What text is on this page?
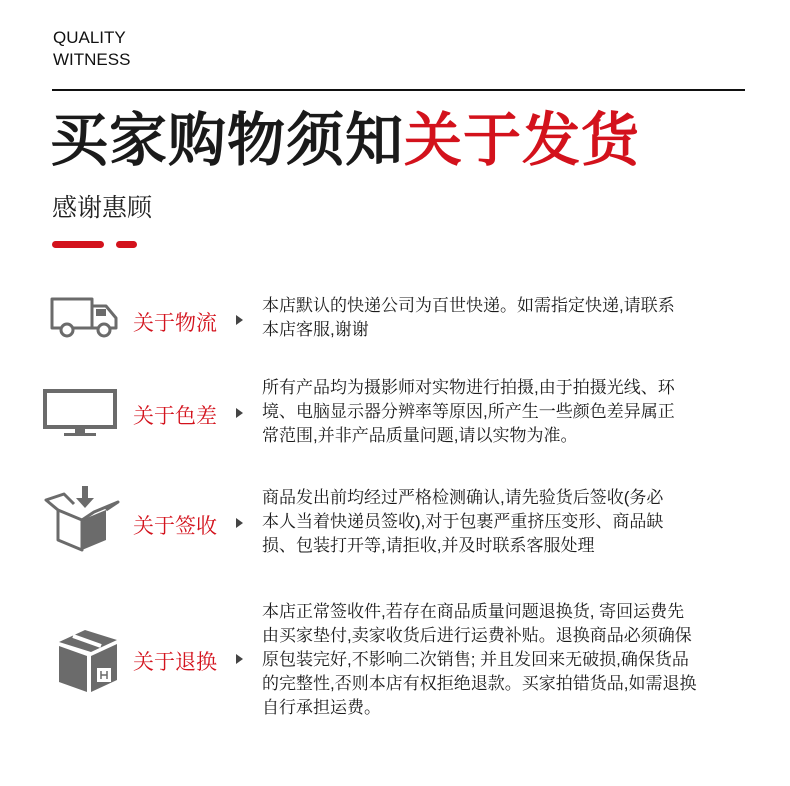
QUALITY
WITNESS
买家购物须知关于发货
感谢惠顾
关于物流
本店默认的快递公司为百世快递。如需指定快递,请联系
本店客服,谢谢
关于色差
所有产品均为摄影师对实物进行拍摄,由于拍摄光线、环
境、电脑显示器分辨率等原因,所产生一些颜色差异属正
常范围,并非产品质量问题,请以实物为准。
关于签收
商品发出前均经过严格检测确认,请先验货后签收(务必
本人当着快递员签收),对于包裹严重挤压变形、商品缺
损、包装打开等,请拒收,并及时联系客服处理
关于退换
本店正常签收件,若存在商品质量问题退换货, 寄回运费先
由买家垫付,卖家收货后进行运费补贴。退换商品必须确保
原包装完好,不影响二次销售; 并且发回来无破损,确保货品
的完整性,否则本店有权拒绝退款。买家拍错货品,如需退换
自行承担运费。
